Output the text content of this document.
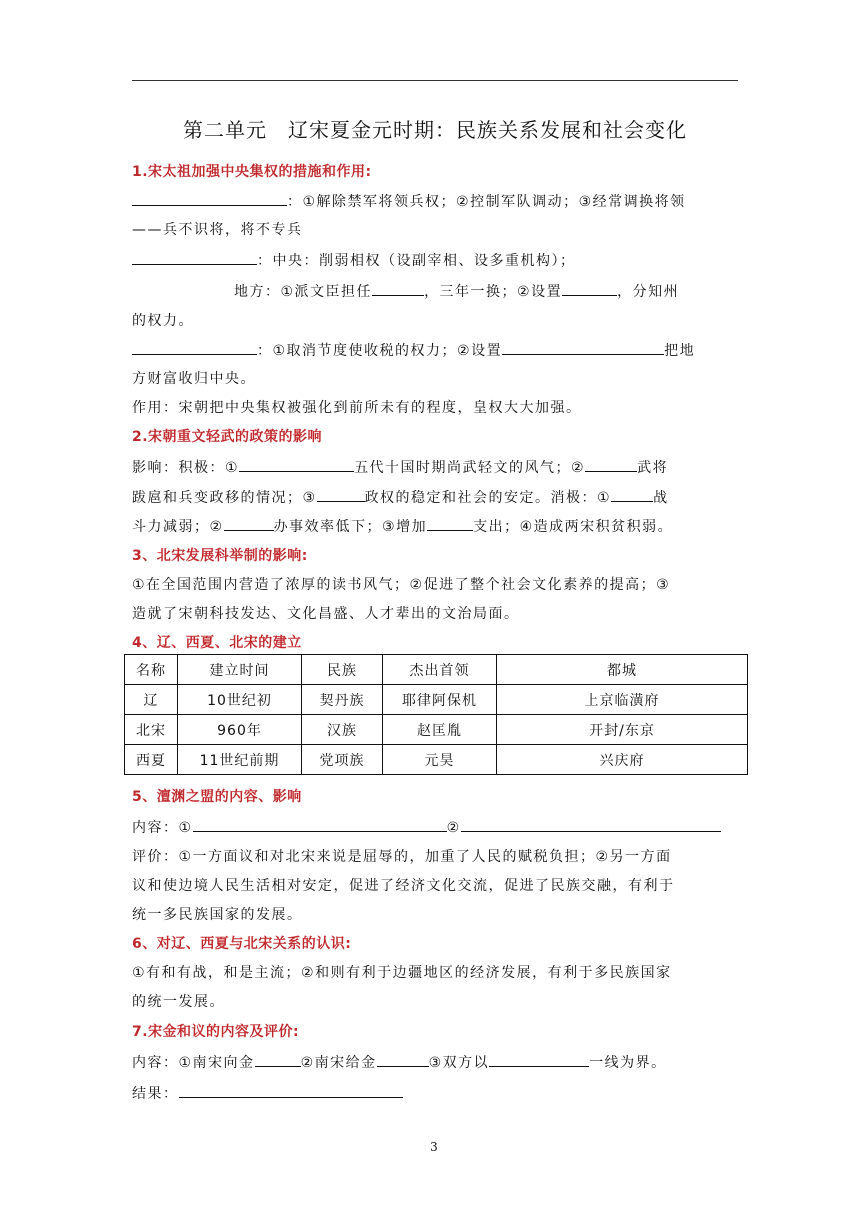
第二单元　辽宋夏金元时期：民族关系发展和社会变化
1.宋太祖加强中央集权的措施和作用:
：①解除禁军将领兵权；②控制军队调动；③经常调换将领
——兵不识将，将不专兵
：中央：削弱相权（设副宰相、设多重机构）；
地方：①派文臣担任	，三年一换；②设置	，分知州
的权力。
：①取消节度使收税的权力；②设置	把地
方财富收归中央。
作用：宋朝把中央集权被强化到前所未有的程度，皇权大大加强。
2.宋朝重文轻武的政策的影响
影响：积极：①	五代十国时期尚武轻文的风气；②	武将
跋扈和兵变政移的情况；③	政权的稳定和社会的安定。消极：①	战
斗力减弱；②	办事效率低下；③增加	支出；④造成两宋积贫积弱。
3、北宋发展科举制的影响:
①在全国范围内营造了浓厚的读书风气；②促进了整个社会文化素养的提高；③
造就了宋朝科技发达、文化昌盛、人才辈出的文治局面。
4、辽、西夏、北宋的建立
名称	建立时间	民族	杰出首领	都城
辽	10世纪初	契丹族	耶律阿保机	上京临潢府
北宋	960年	汉族	赵匡胤	开封/东京
西夏	11世纪前期	党项族	元昊	兴庆府
5、澶渊之盟的内容、影响
内容：①	②
评价：①一方面议和对北宋来说是屈辱的，加重了人民的赋税负担；②另一方面
议和使边境人民生活相对安定，促进了经济文化交流，促进了民族交融，有利于
统一多民族国家的发展。
6、对辽、西夏与北宋关系的认识:
①有和有战，和是主流；②和则有利于边疆地区的经济发展，有利于多民族国家
的统一发展。
7.宋金和议的内容及评价:
内容：①南宋向金	②南宋给金	③双方以	一线为界。
结果：
3
